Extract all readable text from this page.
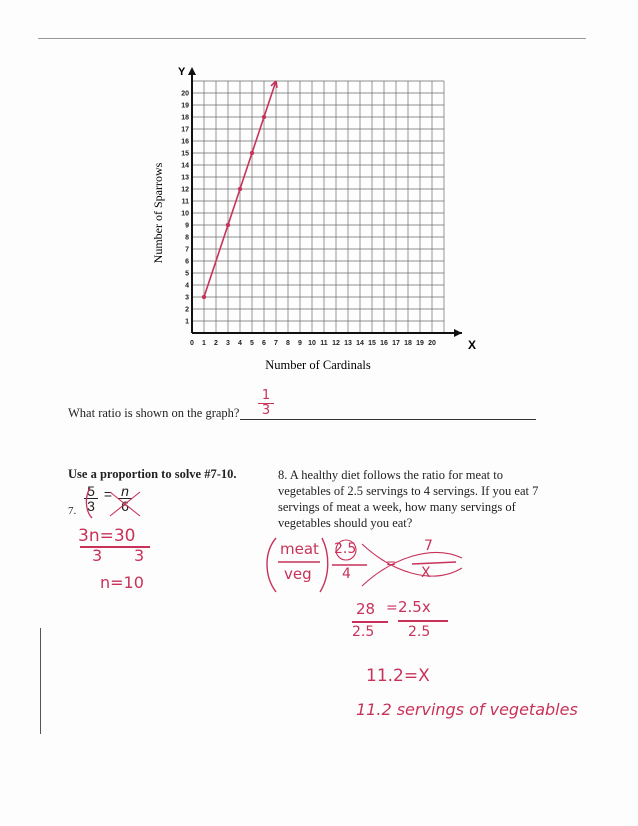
0 1 2 3 4 5 6 7 8 9 10 11 12 13 14 15 16 17 18 19 20
1
2
3
4
5
6
7
8
9
10
11
12
13
14
15
16
17
18
19
20
Y
X
Number of Sparrows
Number of Cardinals
What ratio is shown on the graph?
1
3
Use a proportion to solve #7-10.
7. $\frac{5}{3} = \frac{n}{6}$
3n=30
3 3
n=10
8. A healthy diet follows the ratio for meat to vegetables of 2.5 servings to 4 servings. If you eat 7 servings of meat a week, how many servings of vegetables should you eat?
meat
veg
2.5
4
=
7
X
28 = 2.5x
2.5 2.5
11.2=X
11.2 servings of vegetables
